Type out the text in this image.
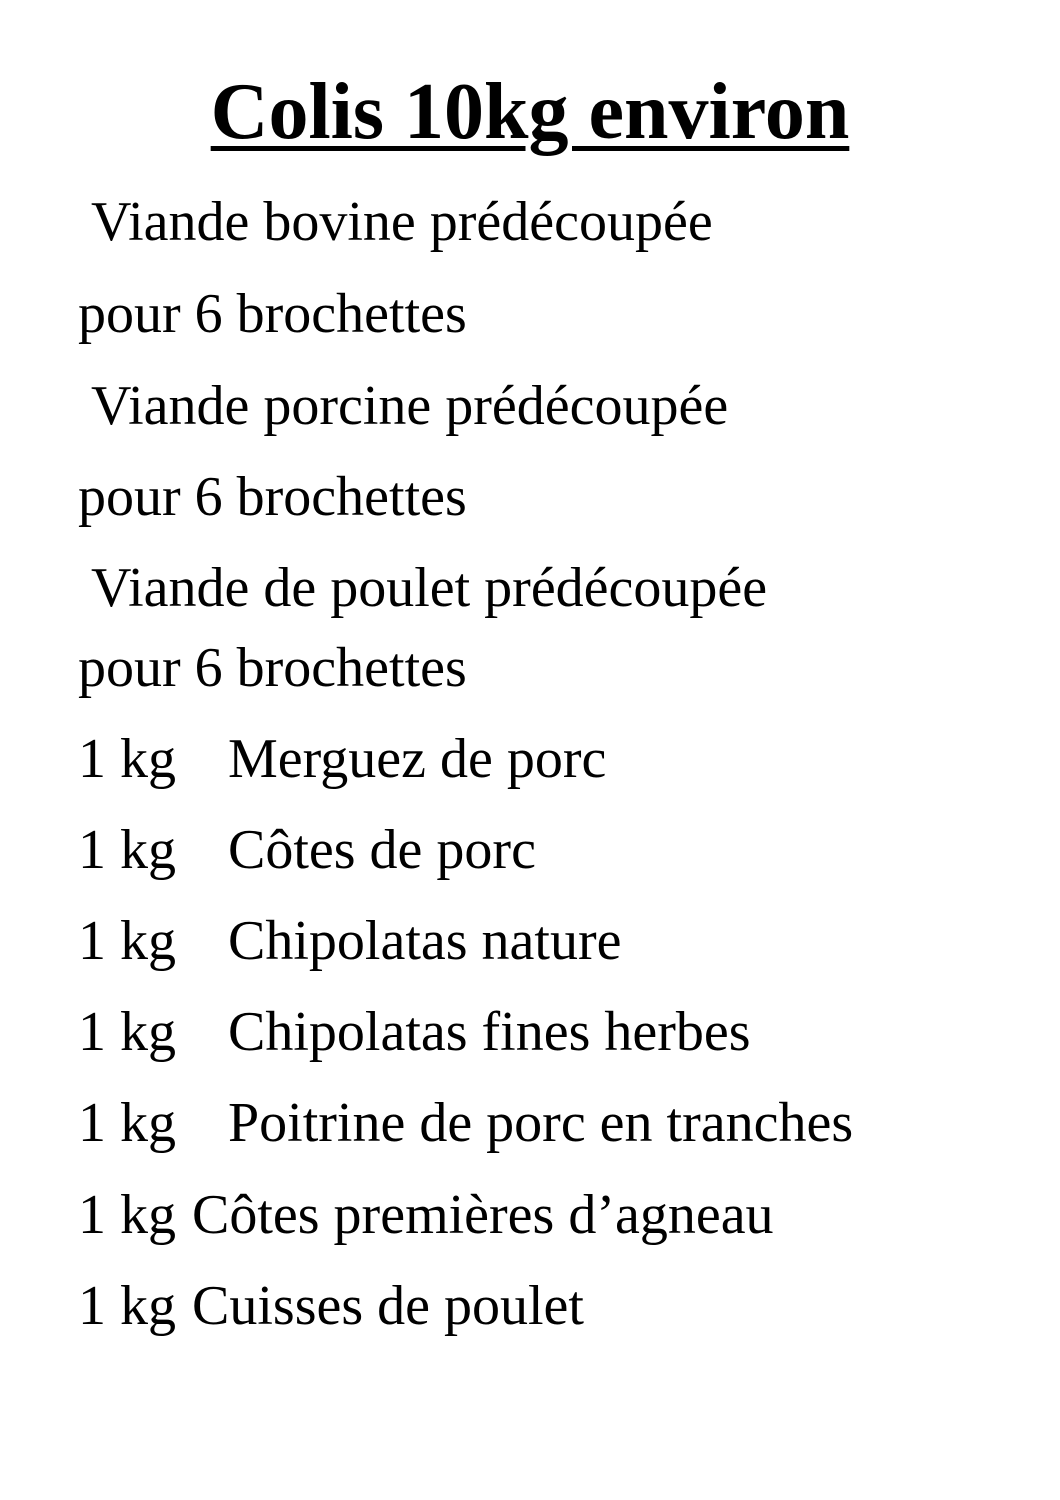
Colis 10kg environ

Viande bovine prédécoupée

pour 6 brochettes

Viande porcine prédécoupée

pour 6 brochettes

Viande de poulet prédécoupée

pour 6 brochettes

1 kg Merguez de porc

1 kg Côtes de porc

1 kg Chipolatas nature

1 kg Chipolatas fines herbes

1 kg Poitrine de porc en tranches

1 kg Côtes premières d’agneau

1 kg Cuisses de poulet
